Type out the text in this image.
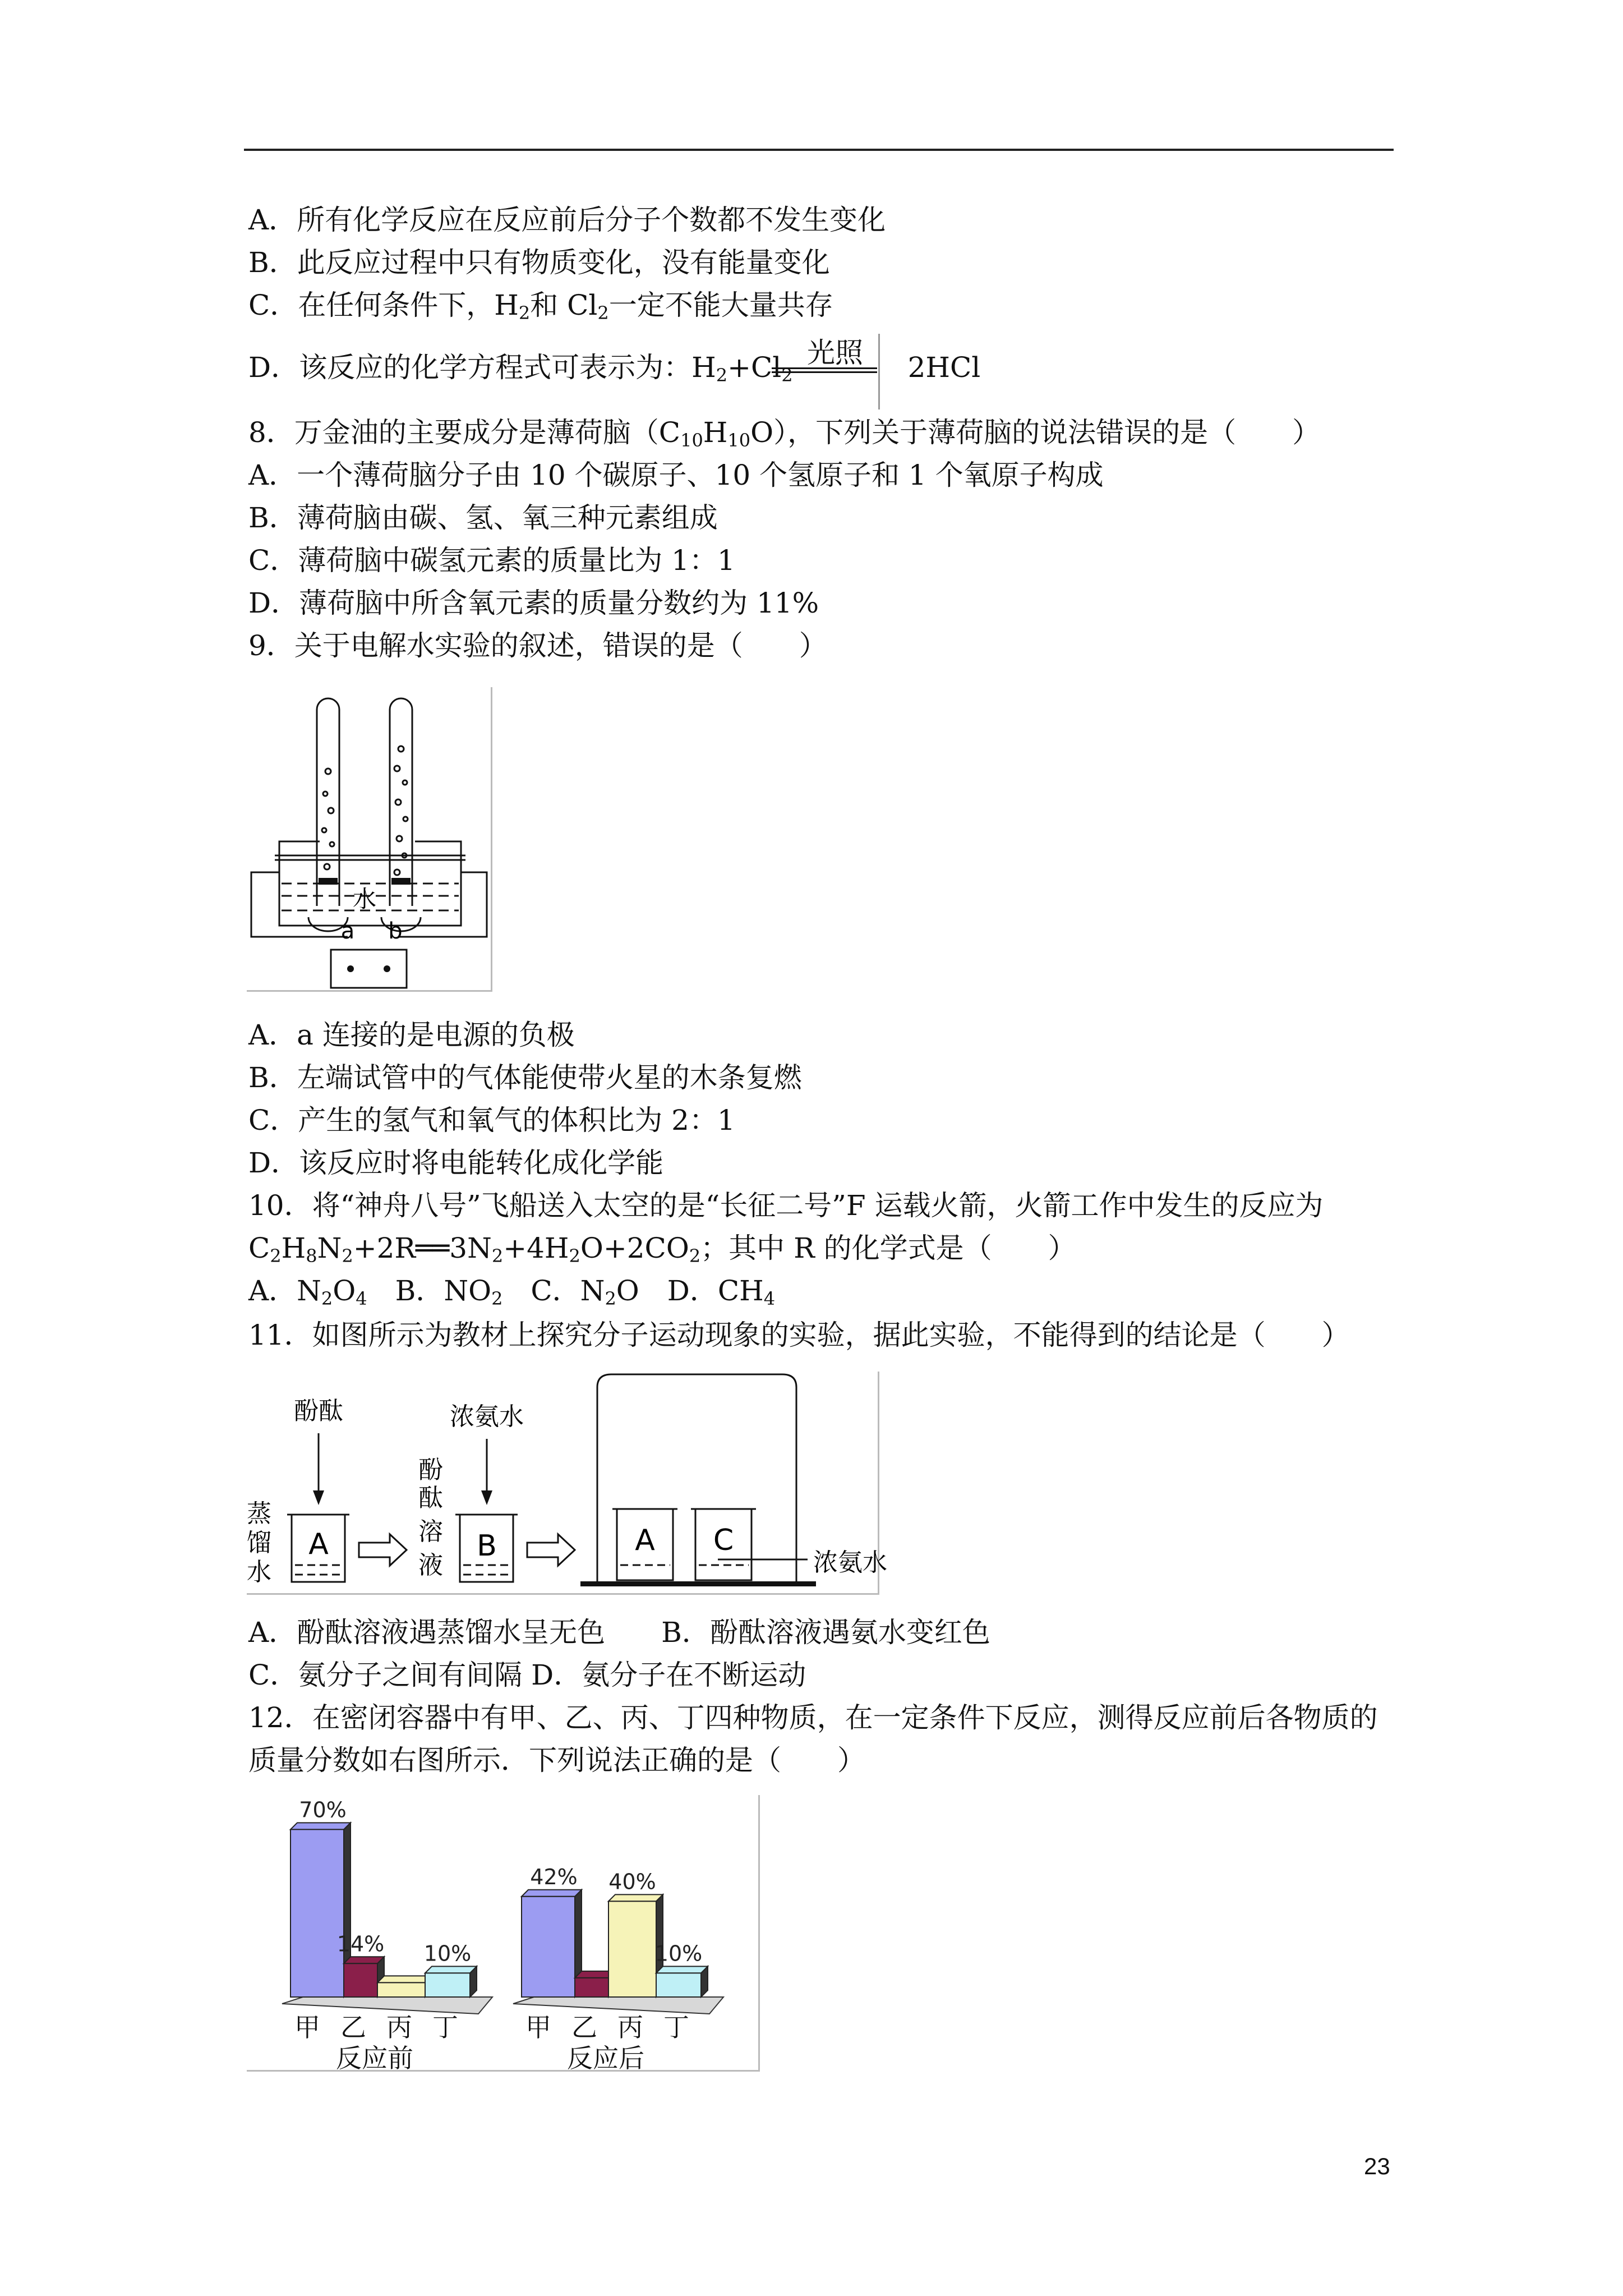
A．所有化学反应在反应前后分子个数都不发生变化
B．此反应过程中只有物质变化，没有能量变化
C．在任何条件下，$H_2$和 $Cl_2$一定不能大量共存
D．该反应的化学方程式可表示为：$H_2+Cl_2$	2HCl
光照
8．万金油的主要成分是薄荷脑$(C_{10}H_{10}O)$，下列关于薄荷脑的说法错误的是（　　）
A．一个薄荷脑分子由 10 个碳原子、10 个氢原子和 1 个氧原子构成
B．薄荷脑由碳、氢、氧三种元素组成
C．薄荷脑中碳氢元素的质量比为 1：1
D．薄荷脑中所含氧元素的质量分数约为 11%
9．关于电解水实验的叙述，错误的是（　　）
水
a b
A．a 连接的是电源的负极
B．左端试管中的气体能使带火星的木条复燃
C．产生的氢气和氧气的体积比为 2：1
D．该反应时将电能转化成化学能
10．将“神舟八号”飞船送入太空的是“长征二号”F 运载火箭，火箭工作中发生的反应为
$C_2H_8N_2+2R══3N_2+4H_2O+2CO_2$；其中 R 的化学式是（　　）
A．$N_2O_4$　B．$NO_2$　C．$N_2O$　D．$CH_4$
11．如图所示为教材上探究分子运动现象的实验，据此实验，不能得到的结论是（　　）
酚酞	浓氨水
蒸
馏
水
酚
酞
溶
液
A	B	A C
浓氨水
A．酚酞溶液遇蒸馏水呈无色　　B．酚酞溶液遇氨水变红色
C．氨分子之间有间隔 D．氨分子在不断运动
12．在密闭容器中有甲、乙、丙、丁四种物质，在一定条件下反应，测得反应前后各物质的
质量分数如右图所示．下列说法正确的是（　　）
70%
甲
14%
乙 丙
10%
丁
反应前
42%
甲 乙
40%
丙
10%
丁
反应后
23
